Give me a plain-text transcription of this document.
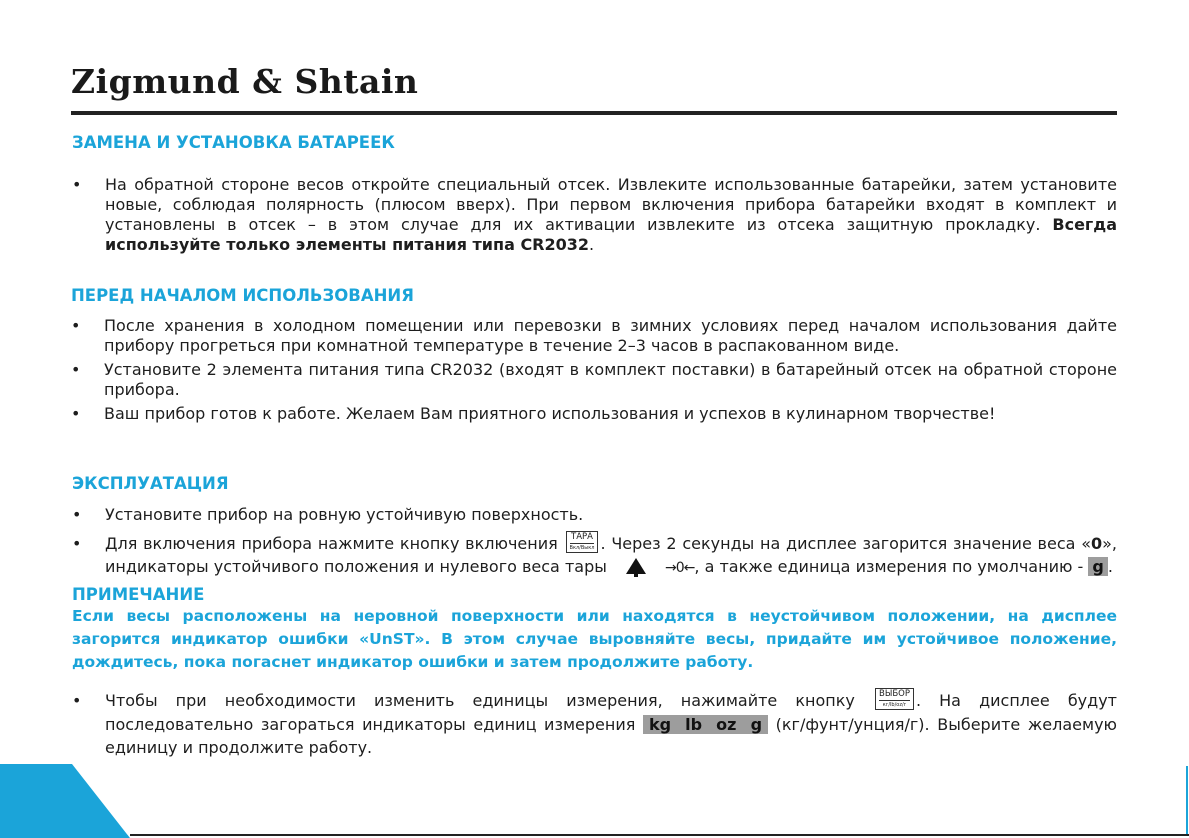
Zigmund & Shtain
ЗАМЕНА И УСТАНОВКА БАТАРЕЕК
• На обратной стороне весов откройте специальный отсек. Извлеките использованные батарейки, затем установите новые, соблюдая полярность (плюсом вверх). При первом включения прибора батарейки входят в комплект и установлены в отсек – в этом случае для их активации извлеките из отсека защитную прокладку. Всегда используйте только элементы питания типа CR2032.
ПЕРЕД НАЧАЛОМ ИСПОЛЬЗОВАНИЯ
• После хранения в холодном помещении или перевозки в зимних условиях перед началом использования дайте прибору прогреться при комнатной температуре в течение 2–3 часов в распакованном виде.
• Установите 2 элемента питания типа CR2032 (входят в комплект поставки) в батарейный отсек на обратной стороне прибора.
• Ваш прибор готов к работе. Желаем Вам приятного использования и успехов в кулинарном творчестве!
ЭКСПЛУАТАЦИЯ
• Установите прибор на ровную устойчивую поверхность.
• Для включения прибора нажмите кнопку включения ТАРА
Вкл/Выкл . Через 2 секунды на дисплее загорится значение веса «0», индикаторы устойчивого положения и нулевого веса тары	→0←, а также единица измерения по умолчанию - g .
ПРИМЕЧАНИЕ
Если весы расположены на неровной поверхности или находятся в неустойчивом положении, на дисплее загорится индикатор ошибки «UnST». В этом случае выровняйте весы, придайте им устойчивое положение, дождитесь, пока погаснет индикатор ошибки и затем продолжите работу.
• Чтобы при необходимости изменить единицы измерения, нажимайте кнопку	ВЫБОР
кг/lb/oz/г . На дисплее будут последовательно загораться индикаторы единиц измерения kg lb oz g (кг/фунт/унция/г). Выберите желаемую единицу и продолжите работу.
